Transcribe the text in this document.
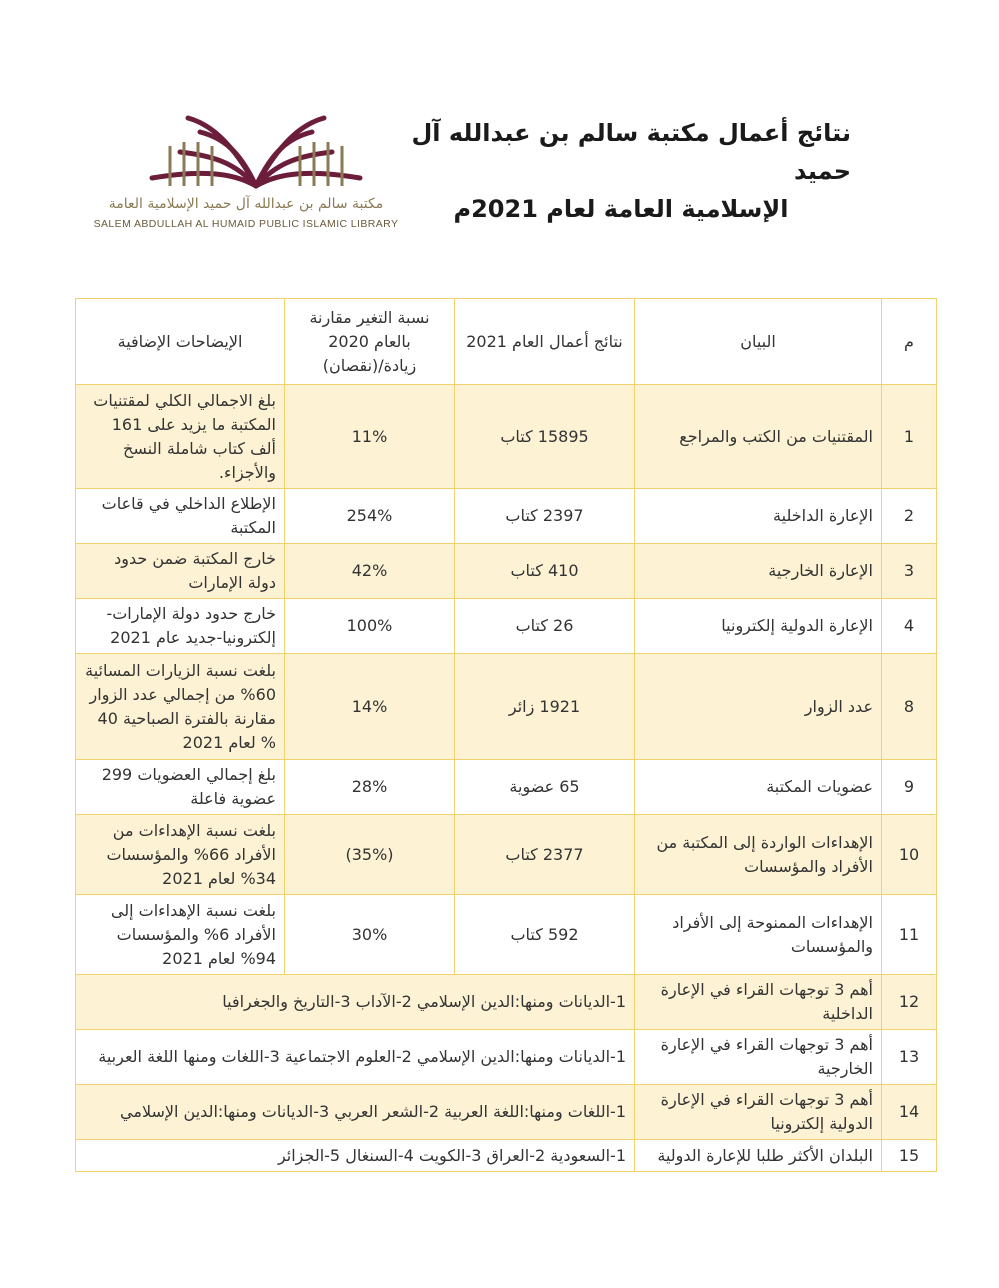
مكتبة سالم بن عبدالله آل حميد الإسلامية العامة
SALEM ABDULLAH AL HUMAID PUBLIC ISLAMIC LIBRARY
نتائج أعمال مكتبة سالم بن عبدالله آل حميد
الإسلامية العامة لعام 2021م
م	البيان	نتائج أعمال العام 2021	نسبة التغير مقارنة بالعام 2020 زيادة/(نقصان)	الإيضاحات الإضافية
1	المقتنيات من الكتب والمراجع	15895 كتاب	11%	بلغ الاجمالي الكلي لمقتنيات المكتبة ما يزيد على 161 ألف كتاب شاملة النسخ والأجزاء.
2	الإعارة الداخلية	2397 كتاب	254%	الإطلاع الداخلي في قاعات المكتبة
3	الإعارة الخارجية	410 كتاب	42%	خارج المكتبة ضمن حدود دولة الإمارات
4	الإعارة الدولية إلكترونيا	26 كتاب	100%	خارج حدود دولة الإمارات-إلكترونيا-جديد عام 2021
8	عدد الزوار	1921 زائر	14%	بلغت نسبة الزيارات المسائية 60% من إجمالي عدد الزوار مقارنة بالفترة الصباحية 40 % لعام 2021
9	عضويات المكتبة	65 عضوية	28%	بلغ إجمالي العضويات 299 عضوية فاعلة
10	الإهداءات الواردة إلى المكتبة من الأفراد والمؤسسات	2377 كتاب	(35%)	بلغت نسبة الإهداءات من الأفراد 66% والمؤسسات 34% لعام 2021
11	الإهداءات الممنوحة إلى الأفراد والمؤسسات	592 كتاب	30%	بلغت نسبة الإهداءات إلى الأفراد 6% والمؤسسات 94% لعام 2021
12	أهم 3 توجهات القراء في الإعارة الداخلية	1-الديانات ومنها:الدين الإسلامي 2-الآداب 3-التاريخ والجغرافيا		
13	أهم 3 توجهات القراء في الإعارة الخارجية	1-الديانات ومنها:الدين الإسلامي 2-العلوم الاجتماعية 3-اللغات ومنها اللغة العربية		
14	أهم 3 توجهات القراء في الإعارة الدولية إلكترونيا	1-اللغات ومنها:اللغة العربية 2-الشعر العربي 3-الديانات ومنها:الدين الإسلامي		
15	البلدان الأكثر طلبا للإعارة الدولية	1-السعودية 2-العراق 3-الكويت 4-السنغال 5-الجزائر		
